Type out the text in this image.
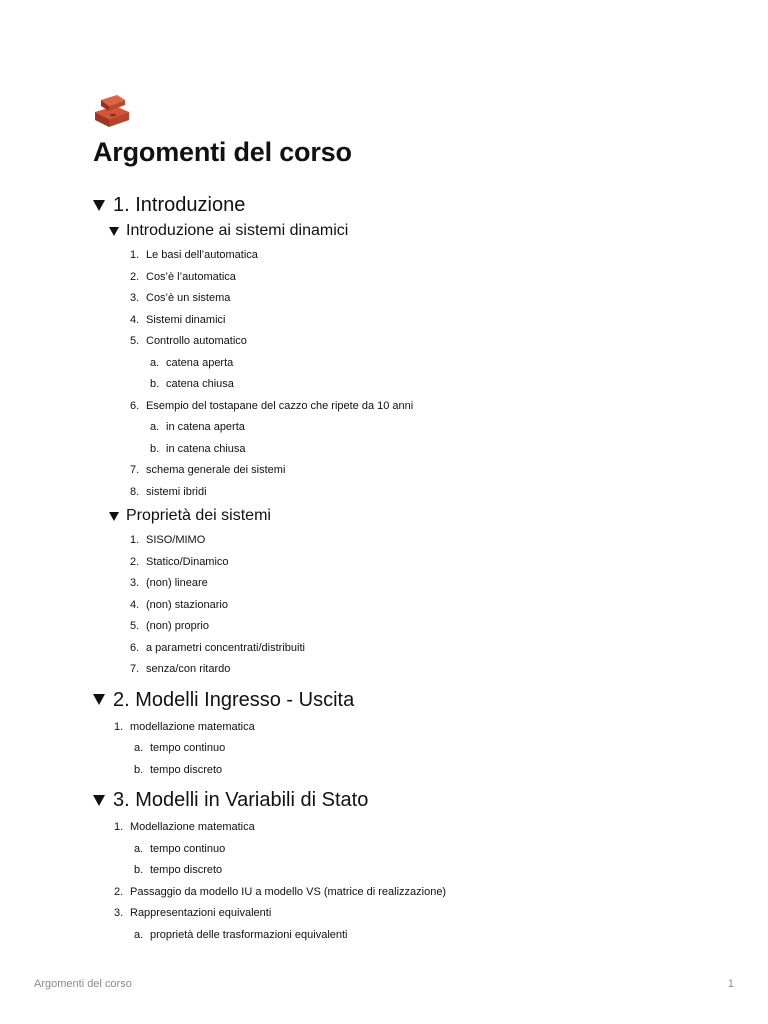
Argomenti del corso
1. Introduzione
Introduzione ai sistemi dinamici
1. Le basi dell’automatica
2. Cos’è l’automatica
3. Cos’è un sistema
4. Sistemi dinamici
5. Controllo automatico
a. catena aperta
b. catena chiusa
6. Esempio del tostapane del cazzo che ripete da 10 anni
a. in catena aperta
b. in catena chiusa
7. schema generale dei sistemi
8. sistemi ibridi
Proprietà dei sistemi
1. SISO/MIMO
2. Statico/Dinamico
3. (non) lineare
4. (non) stazionario
5. (non) proprio
6. a parametri concentrati/distribuiti
7. senza/con ritardo
2. Modelli Ingresso - Uscita
1. modellazione matematica
a. tempo continuo
b. tempo discreto
3. Modelli in Variabili di Stato
1. Modellazione matematica
a. tempo continuo
b. tempo discreto
2. Passaggio da modello IU a modello VS (matrice di realizzazione)
3. Rappresentazioni equivalenti
a. proprietà delle trasformazioni equivalenti
Argomenti del corso	1
